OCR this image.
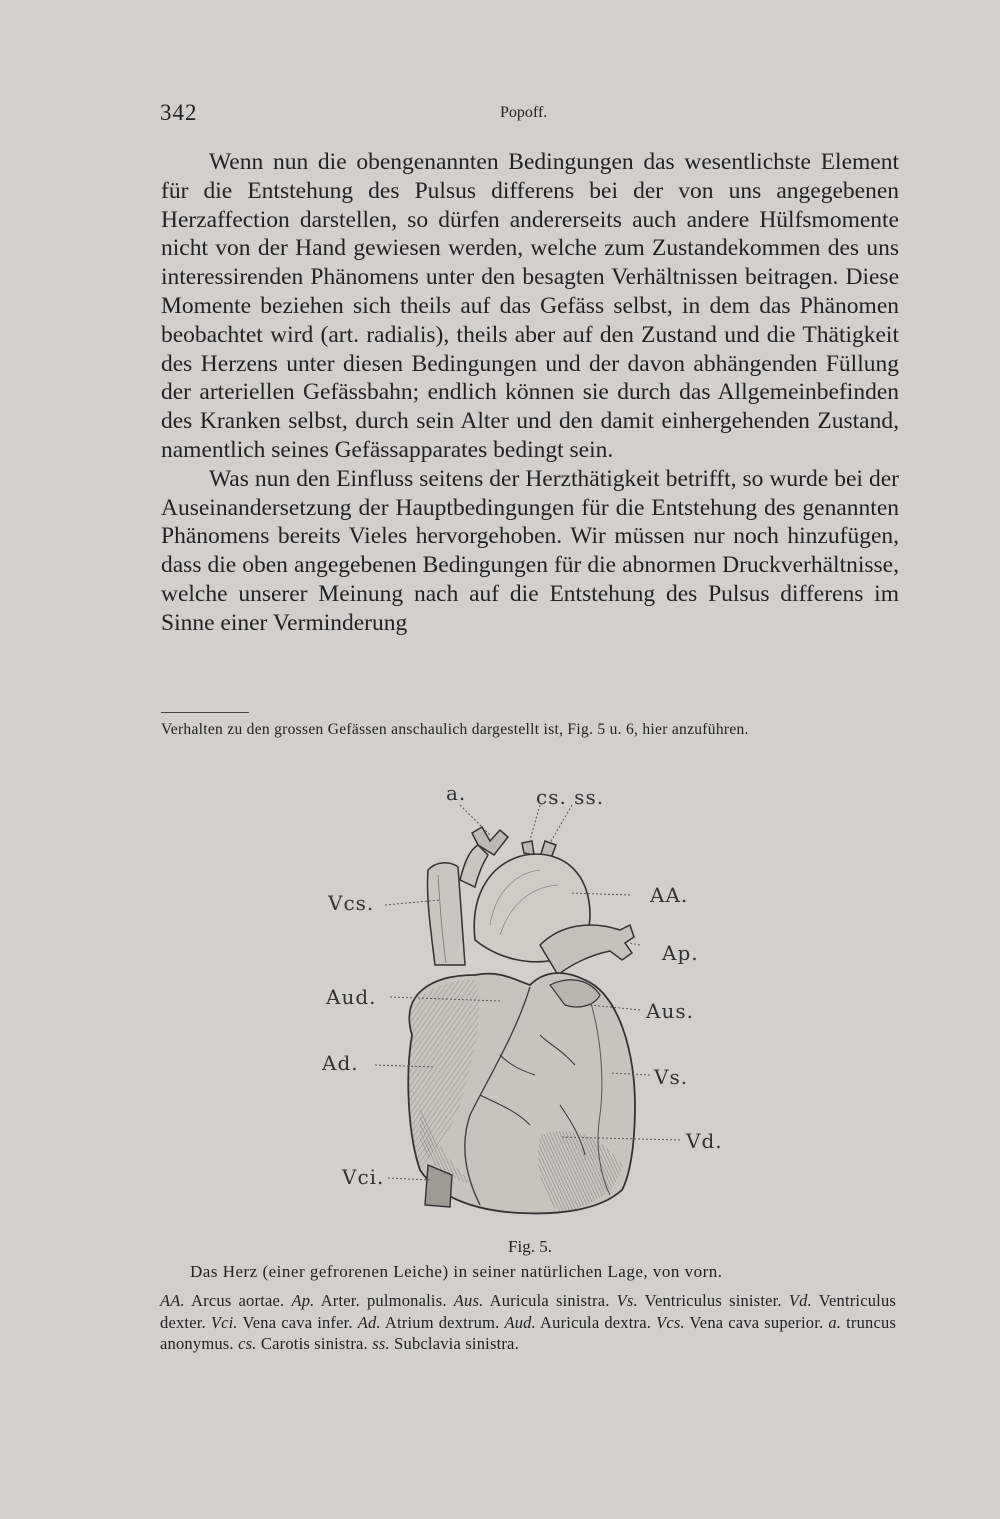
342	Popoff.

Wenn nun die obengenannten Bedingungen das wesentlichste Element für die Entstehung des Pulsus differens bei der von uns angegebenen Herzaffection darstellen, so dürfen andererseits auch andere Hülfsmomente nicht von der Hand gewiesen werden, welche zum Zustandekommen des uns interessirenden Phänomens unter den besagten Verhältnissen beitragen. Diese Momente beziehen sich theils auf das Gefäss selbst, in dem das Phänomen beobachtet wird (art. radialis), theils aber auf den Zustand und die Thätigkeit des Herzens unter diesen Bedingungen und der davon abhängenden Füllung der arteriellen Gefässbahn; endlich können sie durch das Allgemeinbefinden des Kranken selbst, durch sein Alter und den damit einhergehenden Zustand, namentlich seines Gefässapparates bedingt sein.

Was nun den Einfluss seitens der Herzthätigkeit betrifft, so wurde bei der Auseinandersetzung der Hauptbedingungen für die Entstehung des genannten Phänomens bereits Vieles hervorgehoben. Wir müssen nur noch hinzufügen, dass die oben angegebenen Bedingungen für die abnormen Druckverhältnisse, welche unserer Meinung nach auf die Entstehung des Pulsus differens im Sinne einer Verminderung

Verhalten zu den grossen Gefässen anschaulich dargestellt ist, Fig. 5 u. 6, hier anzuführen.
a.	cs. ss.
Vcs.	AA.
Ap.
Aud.
Aus.
Ad.
Vs.
Vd.
Vci.
Fig. 5.
Das Herz (einer gefrorenen Leiche) in seiner natürlichen Lage, von vorn.
AA. Arcus aortae. Ap. Arter. pulmonalis. Aus. Auricula sinistra. Vs. Ventriculus sinister. Vd. Ventriculus dexter. Vci. Vena cava infer. Ad. Atrium dextrum. Aud. Auricula dextra. Vcs. Vena cava superior. a. truncus anonymus. cs. Carotis sinistra. ss. Subclavia sinistra.
